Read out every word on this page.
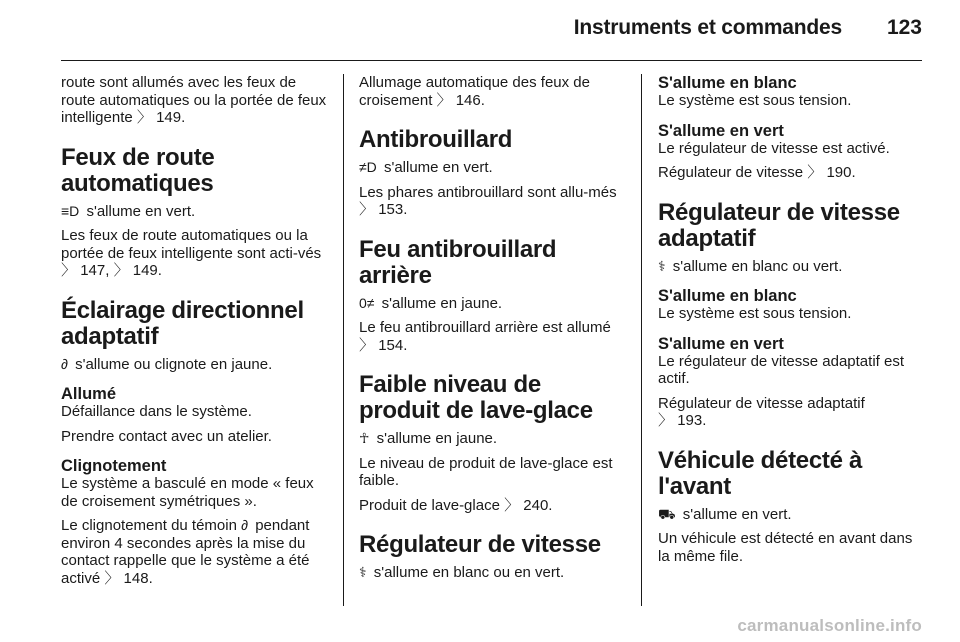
Instruments et commandes 123

route sont allumés avec les feux de route automatiques ou la portée de feux intelligente 〉 149.

Feux de route automatiques

≡D s'allume en vert.

Les feux de route automatiques ou la portée de feux intelligente sont acti-vés 〉 147, 〉 149.

Éclairage directionnel adaptatif

∂ s'allume ou clignote en jaune.

Allumé

Défaillance dans le système.

Prendre contact avec un atelier.

Clignotement

Le système a basculé en mode « feux de croisement symétriques ».

Le clignotement du témoin ∂ pendant environ 4 secondes après la mise du contact rappelle que le système a été activé 〉 148.

Allumage automatique des feux de croisement 〉 146.

Antibrouillard

≠D s'allume en vert.

Les phares antibrouillard sont allu-més 〉 153.

Feu antibrouillard arrière

0≠ s'allume en jaune.

Le feu antibrouillard arrière est allumé 〉 154.

Faible niveau de produit de lave-glace

☥ s'allume en jaune.

Le niveau de produit de lave-glace est faible.

Produit de lave-glace 〉 240.

Régulateur de vitesse

⚕ s'allume en blanc ou en vert.

S'allume en blanc

Le système est sous tension.

S'allume en vert

Le régulateur de vitesse est activé.

Régulateur de vitesse 〉 190.

Régulateur de vitesse adaptatif

⚕ s'allume en blanc ou vert.

S'allume en blanc

Le système est sous tension.

S'allume en vert

Le régulateur de vitesse adaptatif est actif.

Régulateur de vitesse adaptatif
〉 193.

Véhicule détecté à l'avant

⛟ s'allume en vert.

Un véhicule est détecté en avant dans la même file.

carmanualsonline.info
